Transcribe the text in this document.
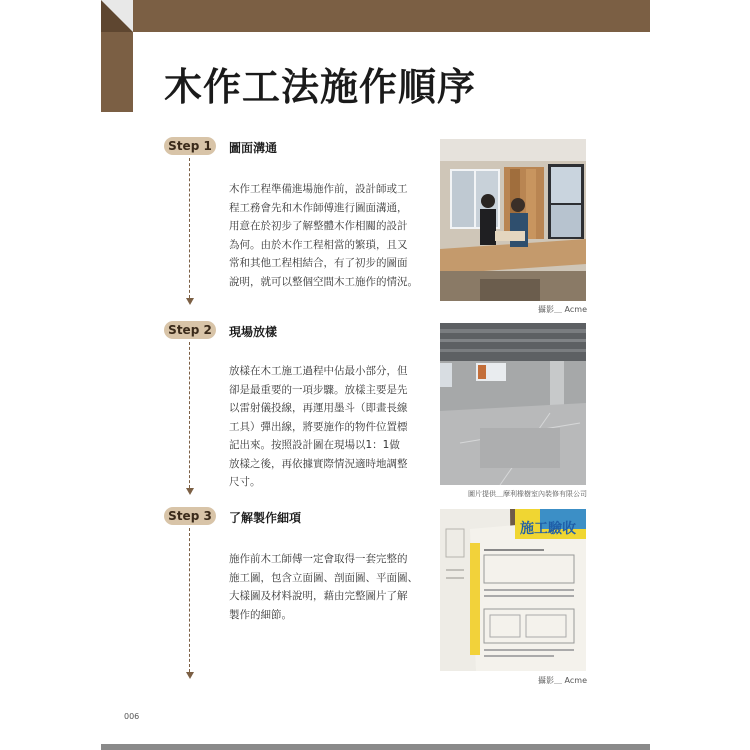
木作工法施作順序
Step 1	圖面溝通
木作工程準備進場施作前，設計師或工
程工務會先和木作師傅進行圖面溝通，
用意在於初步了解整體木作相關的設計
為何。由於木作工程相當的繁瑣，且又
常和其他工程相結合，有了初步的圖面
說明，就可以整個空間木工施作的情況。
攝影＿ Acme
Step 2	現場放樣
放樣在木工施工過程中佔最小部分，但
卻是最重要的一項步驟。放樣主要是先
以雷射儀投線，再運用墨斗（即畫長線
工具）彈出線，將要施作的物件位置標
記出來。按照設計圖在現場以1：1做
放樣之後，再依據實際情況適時地調整
尺寸。
圖片提供＿摩利橡樹室內裝修有限公司
Step 3	了解製作細項
施作前木工師傅一定會取得一套完整的
施工圖，包含立面圖、剖面圖、平面圖、
大樣圖及材料說明，藉由完整圖片了解
製作的細節。
施工驗收
攝影＿ Acme
006
